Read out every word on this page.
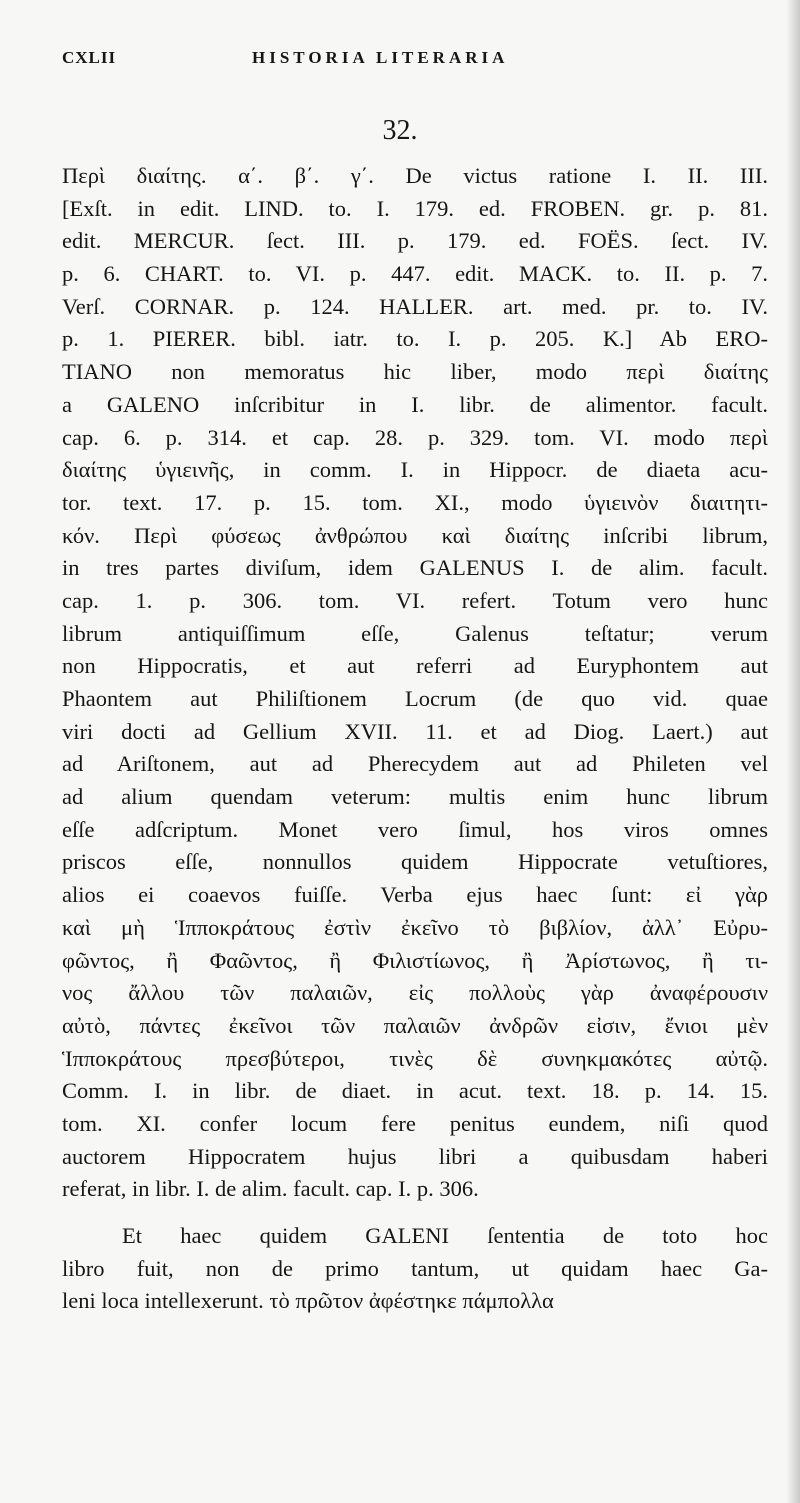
CXLII	HISTORIA LITERARIA
32.
Περὶ διαίτης. α΄. β΄. γ΄. De victus ratione I. II. III.
[Exſt. in edit. LIND. to. I. 179. ed. FROBEN. gr. p. 81.
edit. MERCUR. ſect. III. p. 179. ed. FOËS. ſect. IV.
p. 6. CHART. to. VI. p. 447. edit. MACK. to. II. p. 7.
Verſ. CORNAR. p. 124. HALLER. art. med. pr. to. IV.
p. 1. PIERER. bibl. iatr. to. I. p. 205. K.] Ab ERO-
TIANO non memoratus hic liber, modo περὶ διαίτης
a GALENO inſcribitur in I. libr. de alimentor. facult.
cap. 6. p. 314. et cap. 28. p. 329. tom. VI. modo περὶ
διαίτης ὑγιεινῆς, in comm. I. in Hippocr. de diaeta acu-
tor. text. 17. p. 15. tom. XI., modo ὑγιεινὸν διαιτητι-
κόν. Περὶ φύσεως ἀνθρώπου καὶ διαίτης inſcribi librum,
in tres partes diviſum, idem GALENUS I. de alim. facult.
cap. 1. p. 306. tom. VI. refert. Totum vero hunc
librum antiquiſſimum eſſe, Galenus teſtatur; verum
non Hippocratis, et aut referri ad Euryphontem aut
Phaontem aut Philiſtionem Locrum (de quo vid. quae
viri docti ad Gellium XVII. 11. et ad Diog. Laert.) aut
ad Ariſtonem, aut ad Pherecydem aut ad Phileten vel
ad alium quendam veterum: multis enim hunc librum
eſſe adſcriptum. Monet vero ſimul, hos viros omnes
priscos eſſe, nonnullos quidem Hippocrate vetuſtiores,
alios ei coaevos fuiſſe. Verba ejus haec ſunt: εἰ γὰρ
καὶ μὴ Ἱπποκράτους ἐστὶν ἐκεῖνο τὸ βιβλίον, ἀλλ᾿ Εὐρυ-
φῶντος, ἢ Φαῶντος, ἢ Φιλιστίωνος, ἢ Ἀρίστωνος, ἢ τι-
νος ἄλλου τῶν παλαιῶν, εἰς πολλοὺς γὰρ ἀναφέρουσιν
αὐτὸ, πάντες ἐκεῖνοι τῶν παλαιῶν ἀνδρῶν εἰσιν, ἔνιοι μὲν
Ἱπποκράτους πρεσβύτεροι, τινὲς δὲ συνηκμακότες αὐτῷ.
Comm. I. in libr. de diaet. in acut. text. 18. p. 14. 15.
tom. XI. confer locum fere penitus eundem, niſi quod
auctorem Hippocratem hujus libri a quibusdam haberi
referat, in libr. I. de alim. facult. cap. I. p. 306.
Et haec quidem GALENI ſententia de toto hoc
libro fuit, non de primo tantum, ut quidam haec Ga-
leni loca intellexerunt. τὸ πρῶτον ἀφέστηκε πάμπολλα
